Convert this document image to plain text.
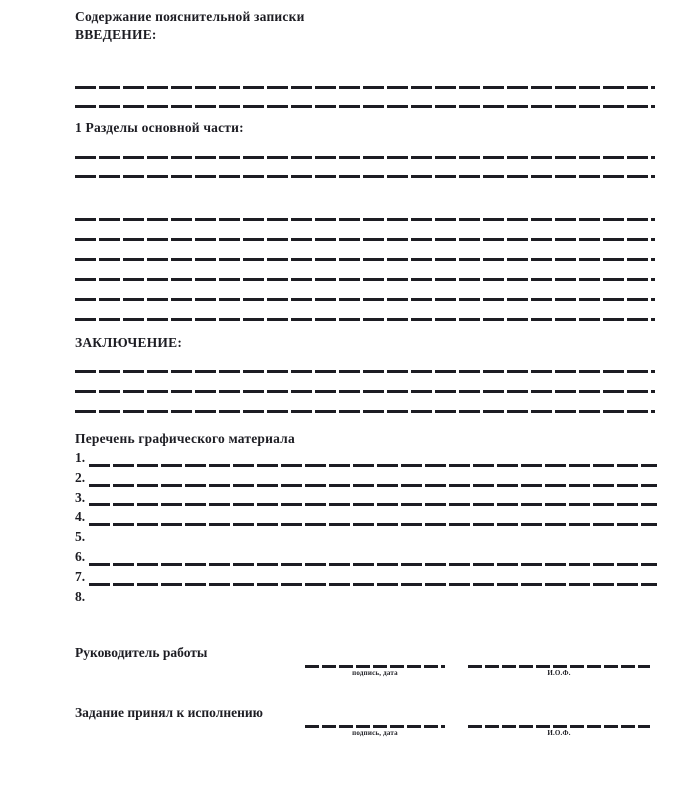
Содержание пояснительной записки
ВВЕДЕНИЕ:
1 Разделы основной части:
ЗАКЛЮЧЕНИЕ:
Перечень графического материала
1.
2.
3.
4.
5.
6.
7.
8.
Руководитель работы
подпись, дата	И.О.Ф.
Задание принял к исполнению
подпись, дата	И.О.Ф.
